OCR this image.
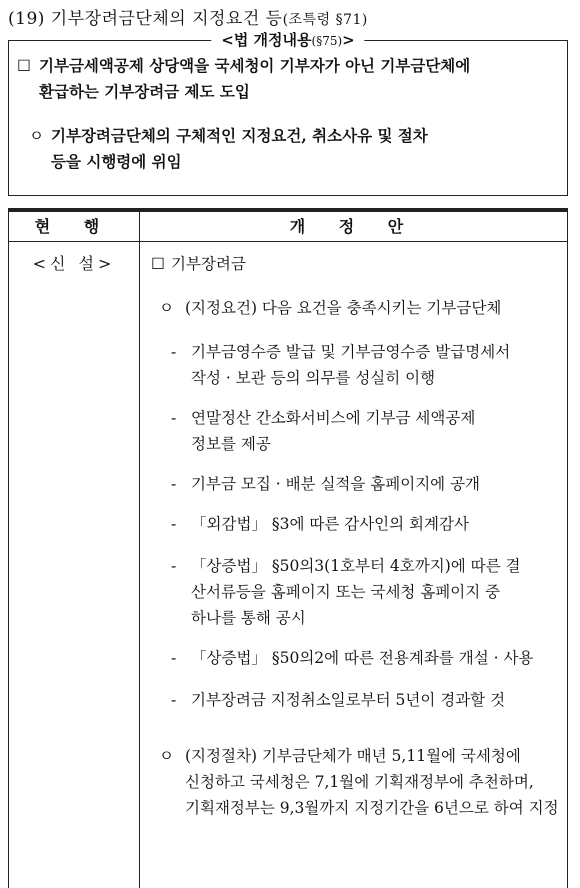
(19) 기부장려금단체의 지정요건 등(조특령 §71)
<법 개정내용(§75)>
☐ 기부금세액공제 상당액을 국세청이 기부자가 아닌 기부금단체에
환급하는 기부장려금 제도 도입
ㅇ 기부장려금단체의 구체적인 지정요건, 취소사유 및 절차
등을 시행령에 위임
현 행	개 정 안
<신 설>	☐ 기부장려금
ㅇ (지정요건) 다음 요건을 충족시키는 기부금단체
- 기부금영수증 발급 및 기부금영수증 발급명세서
작성 · 보관 등의 의무를 성실히 이행
- 연말정산 간소화서비스에 기부금 세액공제
정보를 제공
- 기부금 모집 · 배분 실적을 홈페이지에 공개
- 「외감법」 §3에 따른 감사인의 회계감사
- 「상증법」 §50의3(1호부터 4호까지)에 따른 결
산서류등을 홈페이지 또는 국세청 홈페이지 중
하나를 통해 공시
- 「상증법」 §50의2에 따른 전용계좌를 개설 · 사용
- 기부장려금 지정취소일로부터 5년이 경과할 것
ㅇ (지정절차) 기부금단체가 매년 5,11월에 국세청에
신청하고 국세청은 7,1월에 기획재정부에 추천하며,
기획재정부는 9,3월까지 지정기간을 6년으로 하여 지정
